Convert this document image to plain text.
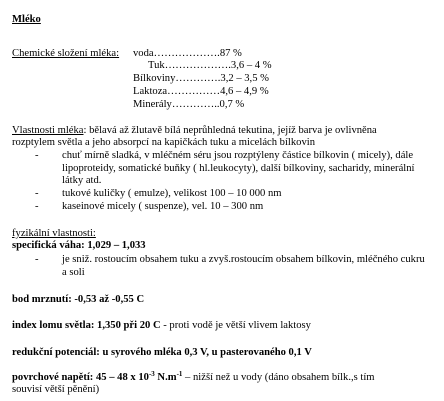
Mléko
Chemické složení mléka: voda……………….87 %
Tuk……………….3,6 – 4 %
Bílkoviny………….3,2 – 3,5 %
Laktoza……………4,6 – 4,9 %
Minerály…………..0,7 %
Vlastnosti mléka: bělavá až žlutavě bílá neprůhledná tekutina, jejíž barva je ovlivněna
rozptylem světla a jeho absorpcí na kapičkách tuku a micelách bílkovin
- chuť mírně sladká, v mléčném séru jsou rozptýleny částice bílkovin ( micely), dále
lipoproteidy, somatické buňky ( hl.leukocyty), další bílkoviny, sacharidy, minerální
látky atd.
- tukové kuličky ( emulze), velikost 100 – 10 000 nm
- kaseinové micely ( suspenze), vel. 10 – 300 nm
fyzikální vlastnosti:
specifická váha: 1,029 – 1,033
- je sniž. rostoucím obsahem tuku a zvyš.rostoucím obsahem bílkovin, mléčného cukru
a soli
bod mrznutí: -0,53 až -0,55 C
index lomu světla: 1,350 při 20 C - proti vodě je větší vlivem laktosy
redukční potenciál: u syrového mléka 0,3 V, u pasterovaného 0,1 V
povrchové napětí: 45 – 48 x $10^{-3}$ $N.m^{-1}$ – nižší než u vody (dáno obsahem bílk.,s tím
souvisí větší pěnění)
